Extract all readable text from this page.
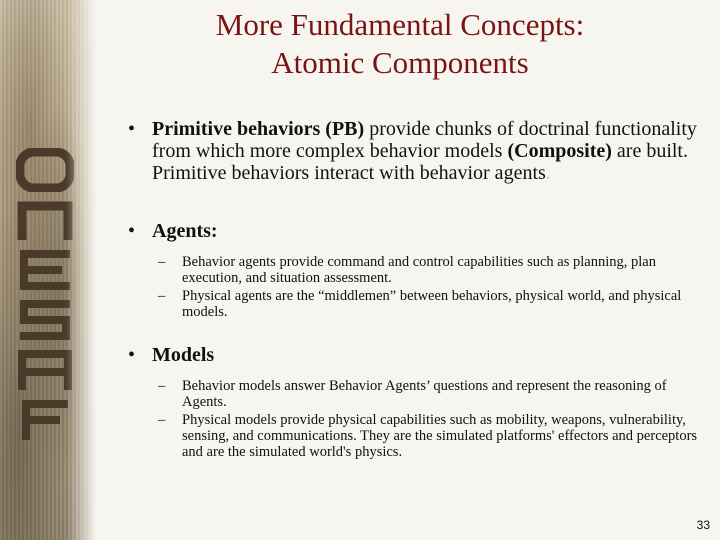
More Fundamental Concepts:
Atomic Components
• Primitive behaviors (PB) provide chunks of doctrinal functionality from which more complex behavior models (Composite) are built. Primitive behaviors interact with behavior agents.
• Agents:
– Behavior agents provide command and control capabilities such as planning, plan execution, and situation assessment.
– Physical agents are the “middlemen” between behaviors, physical world, and physical models.
• Models
– Behavior models answer Behavior Agents’ questions and represent the reasoning of Agents.
– Physical models provide physical capabilities such as mobility, weapons, vulnerability, sensing, and communications. They are the simulated platforms' effectors and perceptors and are the simulated world's physics.
33
